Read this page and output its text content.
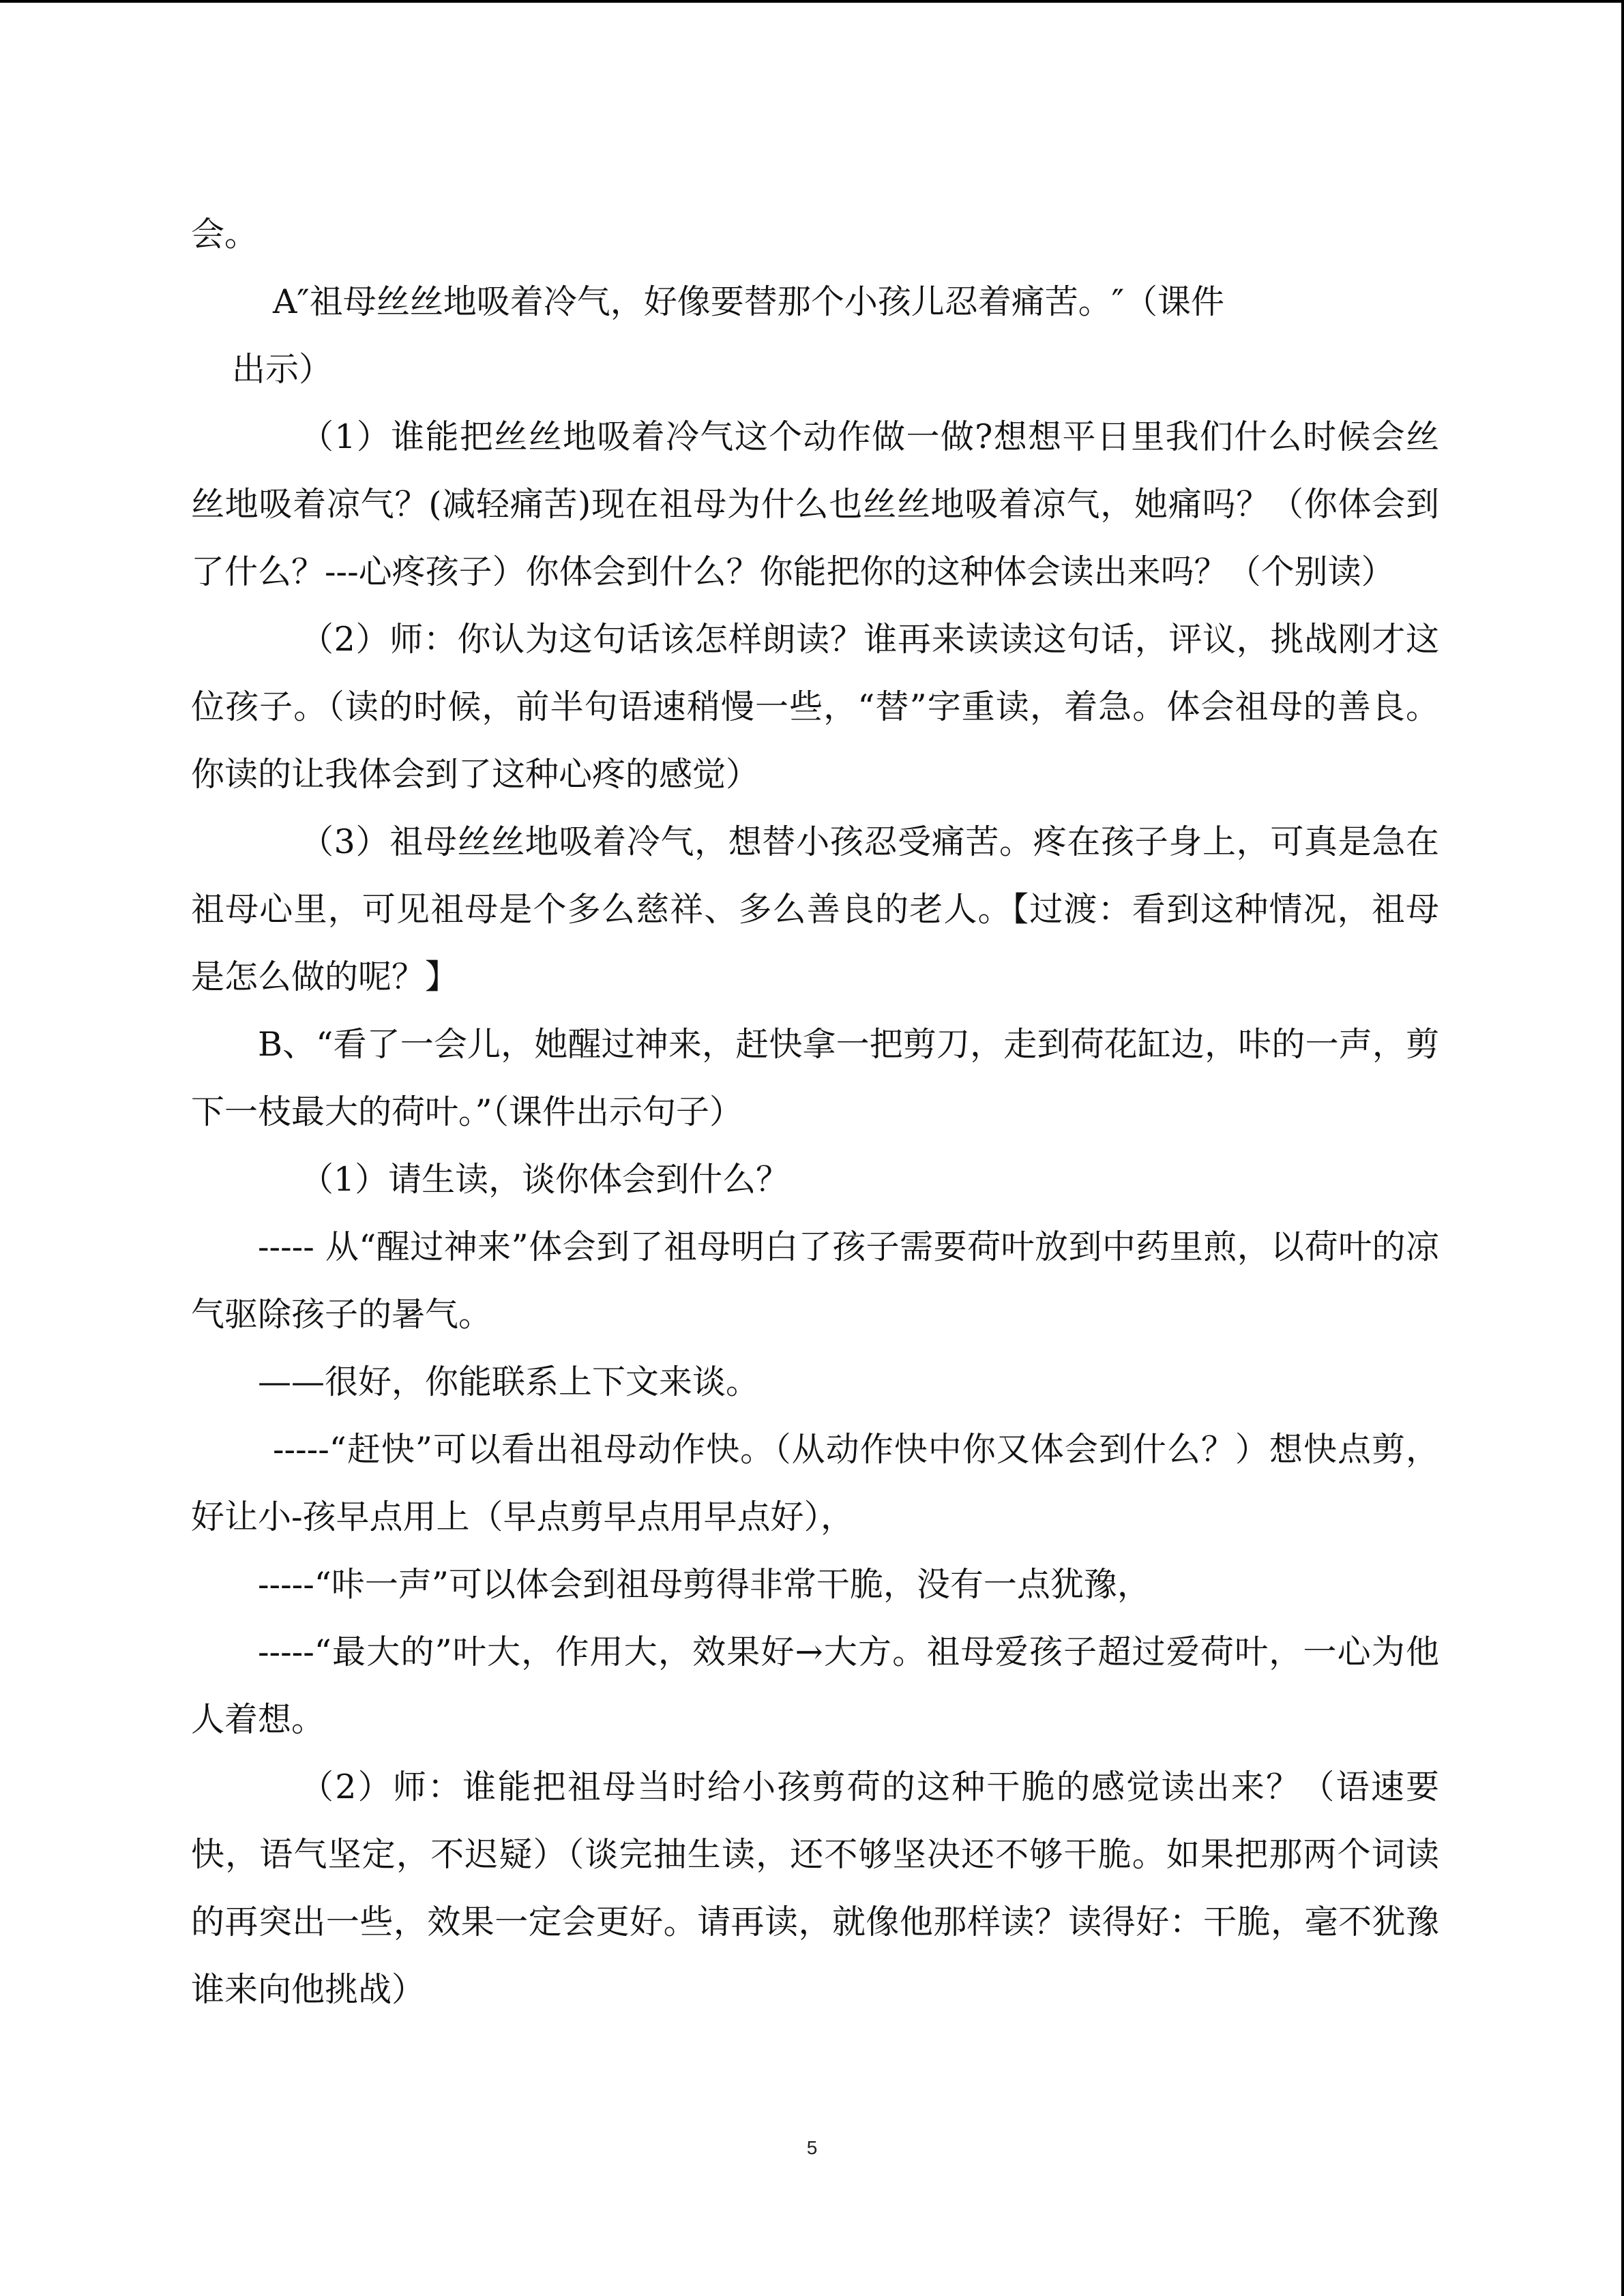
会。

A″祖母丝丝地吸着冷气，好像要替那个小孩儿忍着痛苦。″（课件

出示）

（1）谁能把丝丝地吸着冷气这个动作做一做?想想平日里我们什么时候会丝丝地吸着凉气？(减轻痛苦)现在祖母为什么也丝丝地吸着凉气，她痛吗？（你体会到了什么？---心疼孩子）你体会到什么？你能把你的这种体会读出来吗？（个别读）

（2）师：你认为这句话该怎样朗读？谁再来读读这句话，评议，挑战刚才这位孩子。（读的时候，前半句语速稍慢一些，“替”字重读，着急。体会祖母的善良。你读的让我体会到了这种心疼的感觉）

（3）祖母丝丝地吸着冷气，想替小孩忍受痛苦。疼在孩子身上，可真是急在祖母心里，可见祖母是个多么慈祥、多么善良的老人。【过渡：看到这种情况，祖母是怎么做的呢？】

B、“看了一会儿，她醒过神来，赶快拿一把剪刀，走到荷花缸边，咔的一声，剪下一枝最大的荷叶。”（课件出示句子）

（1）请生读，谈你体会到什么？

----- 从“醒过神来”体会到了祖母明白了孩子需要荷叶放到中药里煎，以荷叶的凉气驱除孩子的暑气。

——很好，你能联系上下文来谈。

-----“赶快”可以看出祖母动作快。（从动作快中你又体会到什么？）想快点剪，好让小-孩早点用上（早点剪早点用早点好），

-----“咔一声”可以体会到祖母剪得非常干脆，没有一点犹豫，

-----“最大的”叶大，作用大，效果好→大方。祖母爱孩子超过爱荷叶，一心为他人着想。

（2）师：谁能把祖母当时给小孩剪荷的这种干脆的感觉读出来？（语速要快，语气坚定，不迟疑）（谈完抽生读，还不够坚决还不够干脆。如果把那两个词读的再突出一些，效果一定会更好。请再读，就像他那样读？读得好：干脆，毫不犹豫谁来向他挑战）

5
